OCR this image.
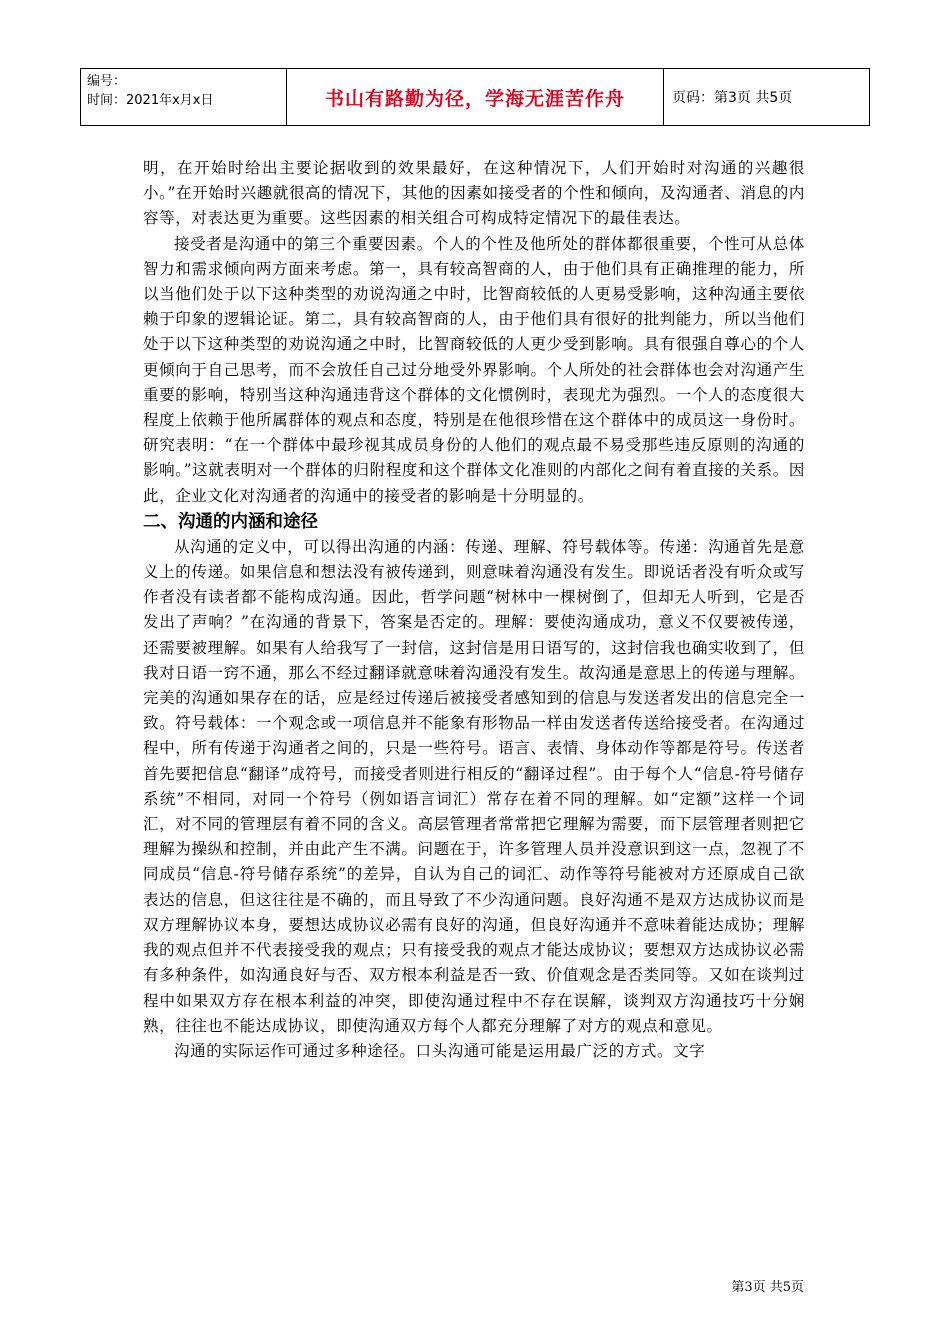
编号：
时间：2021年x月x日	书山有路勤为径，学海无涯苦作舟	页码：第3页 共5页

明，在开始时给出主要论据收到的效果最好，在这种情况下，人们开始时对沟通的兴趣很小。”在开始时兴趣就很高的情况下，其他的因素如接受者的个性和倾向，及沟通者、消息的内容等，对表达更为重要。这些因素的相关组合可构成特定情况下的最佳表达。

接受者是沟通中的第三个重要因素。个人的个性及他所处的群体都很重要，个性可从总体智力和需求倾向两方面来考虑。第一，具有较高智商的人，由于他们具有正确推理的能力，所以当他们处于以下这种类型的劝说沟通之中时，比智商较低的人更易受影响，这种沟通主要依赖于印象的逻辑论证。第二，具有较高智商的人，由于他们具有很好的批判能力，所以当他们处于以下这种类型的劝说沟通之中时，比智商较低的人更少受到影响。具有很强自尊心的个人更倾向于自己思考，而不会放任自己过分地受外界影响。个人所处的社会群体也会对沟通产生重要的影响，特别当这种沟通违背这个群体的文化惯例时，表现尤为强烈。一个人的态度很大程度上依赖于他所属群体的观点和态度，特别是在他很珍惜在这个群体中的成员这一身份时。研究表明：“在一个群体中最珍视其成员身份的人他们的观点最不易受那些违反原则的沟通的影响。”这就表明对一个群体的归附程度和这个群体文化准则的内部化之间有着直接的关系。因此，企业文化对沟通者的沟通中的接受者的影响是十分明显的。

二、沟通的内涵和途径

从沟通的定义中，可以得出沟通的内涵：传递、理解、符号载体等。传递：沟通首先是意义上的传递。如果信息和想法没有被传递到，则意味着沟通没有发生。即说话者没有听众或写作者没有读者都不能构成沟通。因此，哲学问题“树林中一棵树倒了，但却无人听到，它是否发出了声响？”在沟通的背景下，答案是否定的。理解：要使沟通成功，意义不仅要被传递，还需要被理解。如果有人给我写了一封信，这封信是用日语写的，这封信我也确实收到了，但我对日语一窍不通，那么不经过翻译就意味着沟通没有发生。故沟通是意思上的传递与理解。完美的沟通如果存在的话，应是经过传递后被接受者感知到的信息与发送者发出的信息完全一致。符号载体：一个观念或一项信息并不能象有形物品一样由发送者传送给接受者。在沟通过程中，所有传递于沟通者之间的，只是一些符号。语言、表情、身体动作等都是符号。传送者首先要把信息“翻译”成符号，而接受者则进行相反的“翻译过程”。由于每个人“信息-符号储存系统”不相同，对同一个符号（例如语言词汇）常存在着不同的理解。如“定额”这样一个词汇，对不同的管理层有着不同的含义。高层管理者常常把它理解为需要，而下层管理者则把它理解为操纵和控制，并由此产生不满。问题在于，许多管理人员并没意识到这一点，忽视了不同成员“信息-符号储存系统”的差异，自认为自己的词汇、动作等符号能被对方还原成自己欲表达的信息，但这往往是不确的，而且导致了不少沟通问题。良好沟通不是双方达成协议而是双方理解协议本身，要想达成协议必需有良好的沟通，但良好沟通并不意味着能达成协；理解我的观点但并不代表接受我的观点；只有接受我的观点才能达成协议；要想双方达成协议必需有多种条件，如沟通良好与否、双方根本利益是否一致、价值观念是否类同等。又如在谈判过程中如果双方存在根本利益的冲突，即使沟通过程中不存在误解，谈判双方沟通技巧十分娴熟，往往也不能达成协议，即使沟通双方每个人都充分理解了对方的观点和意见。

沟通的实际运作可通过多种途径。口头沟通可能是运用最广泛的方式。文字

第3页 共5页
